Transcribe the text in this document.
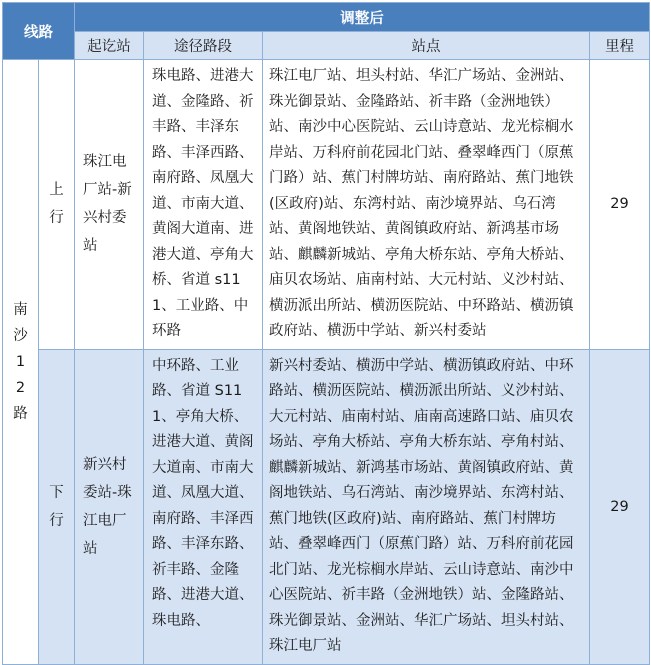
线路		调整后			
		起讫站	途径路段	站点	里程
南沙12路	上行	珠江电厂站-新兴村委站	珠电路、进港大道、金隆路、祈丰路、丰泽东路、丰泽西路、南府路、凤凰大道、市南大道、黄阁大道南、进港大道、亭角大桥、省道 s111、工业路、中环路	珠江电厂站、坦头村站、华汇广场站、金洲站、珠光御景站、金隆路站、祈丰路（金洲地铁）站、南沙中心医院站、云山诗意站、龙光棕榈水岸站、万科府前花园北门站、叠翠峰西门（原蕉门路）站、蕉门村牌坊站、南府路站、蕉门地铁(区政府)站、东湾村站、南沙境界站、乌石湾站、黄阁地铁站、黄阁镇政府站、新鸿基市场站、麒麟新城站、亭角大桥东站、亭角大桥站、庙贝农场站、庙南村站、大元村站、义沙村站、横沥派出所站、横沥医院站、中环路站、横沥镇政府站、横沥中学站、新兴村委站	29
	下行	新兴村委站-珠江电厂站	中环路、工业路、省道 S111、亭角大桥、进港大道、黄阁大道南、市南大道、凤凰大道、南府路、丰泽西路、丰泽东路、祈丰路、金隆路、进港大道、珠电路、	新兴村委站、横沥中学站、横沥镇政府站、中环路站、横沥医院站、横沥派出所站、义沙村站、大元村站、庙南村站、庙南高速路口站、庙贝农场站、亭角大桥站、亭角大桥东站、亭角村站、麒麟新城站、新鸿基市场站、黄阁镇政府站、黄阁地铁站、乌石湾站、南沙境界站、东湾村站、蕉门地铁(区政府)站、南府路站、蕉门村牌坊站、叠翠峰西门（原蕉门路）站、万科府前花园北门站、龙光棕榈水岸站、云山诗意站、南沙中心医院站、祈丰路（金洲地铁）站、金隆路站、珠光御景站、金洲站、华汇广场站、坦头村站、珠江电厂站	29
